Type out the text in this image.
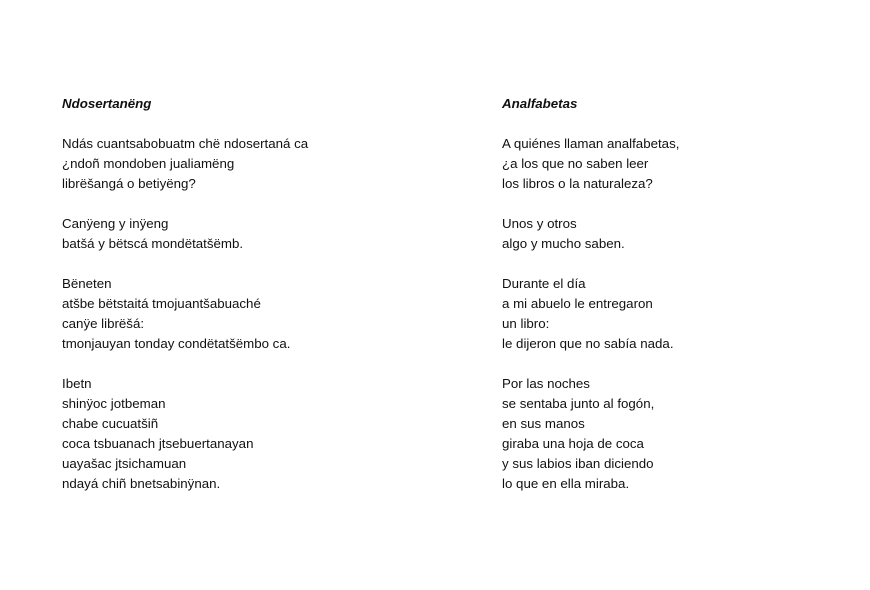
Ndosertanëng
Ndás cuantsabobuatm chë ndosertaná ca
¿ndoñ mondoben jualiamëng
librëšangá o betiyëng?
Canÿeng y inÿeng
batšá y bëtscá mondëtatšëmb.
Bëneten
atšbe bëtstaitá tmojuantšabuaché
canÿe librëšá:
tmonjauyan tonday condëtatšëmbo ca.
Ibetn
shinÿoc jotbeman
chabe cucuatšiñ
coca tsbuanach jtsebuertanayan
uayašac jtsichamuan
ndayá chiñ bnetsabinÿnan.
Analfabetas
A quiénes llaman analfabetas,
¿a los que no saben leer
los libros o la naturaleza?
Unos y otros
algo y mucho saben.
Durante el día
a mi abuelo le entregaron
un libro:
le dijeron que no sabía nada.
Por las noches
se sentaba junto al fogón,
en sus manos
giraba una hoja de coca
y sus labios iban diciendo
lo que en ella miraba.
